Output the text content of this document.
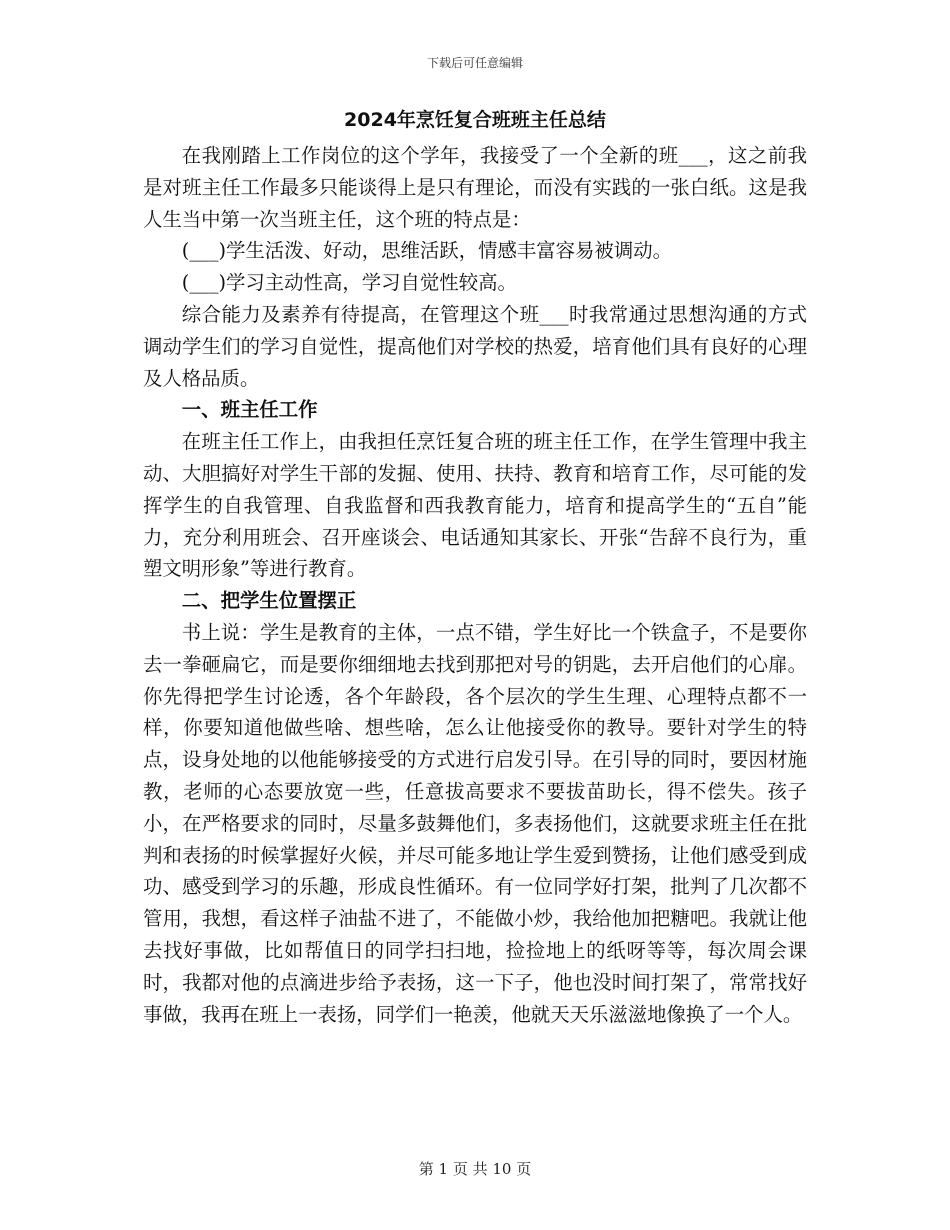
下载后可任意编辑
2024年烹饪复合班班主任总结

在我刚踏上工作岗位的这个学年，我接受了一个全新的班___，这之前我是对班主任工作最多只能谈得上是只有理论，而没有实践的一张白纸。这是我人生当中第一次当班主任，这个班的特点是：

(___)学生活泼、好动，思维活跃，情感丰富容易被调动。

(___)学习主动性高，学习自觉性较高。

综合能力及素养有待提高，在管理这个班___时我常通过思想沟通的方式调动学生们的学习自觉性，提高他们对学校的热爱，培育他们具有良好的心理及人格品质。

一、班主任工作

在班主任工作上，由我担任烹饪复合班的班主任工作，在学生管理中我主动、大胆搞好对学生干部的发掘、使用、扶持、教育和培育工作，尽可能的发挥学生的自我管理、自我监督和西我教育能力，培育和提高学生的“五自”能力，充分利用班会、召开座谈会、电话通知其家长、开张“告辞不良行为，重塑文明形象”等进行教育。

二、把学生位置摆正

书上说：学生是教育的主体，一点不错，学生好比一个铁盒子，不是要你去一拳砸扁它，而是要你细细地去找到那把对号的钥匙，去开启他们的心扉。你先得把学生讨论透，各个年龄段，各个层次的学生生理、心理特点都不一样，你要知道他做些啥、想些啥，怎么让他接受你的教导。要针对学生的特点，设身处地的以他能够接受的方式进行启发引导。在引导的同时，要因材施教，老师的心态要放宽一些，任意拔高要求不要拔苗助长，得不偿失。孩子小，在严格要求的同时，尽量多鼓舞他们，多表扬他们，这就要求班主任在批判和表扬的时候掌握好火候，并尽可能多地让学生爱到赞扬，让他们感受到成功、感受到学习的乐趣，形成良性循环。有一位同学好打架，批判了几次都不管用，我想，看这样子油盐不进了，不能做小炒，我给他加把糖吧。我就让他去找好事做，比如帮值日的同学扫扫地，捡捡地上的纸呀等等，每次周会课时，我都对他的点滴进步给予表扬，这一下子，他也没时间打架了，常常找好事做，我再在班上一表扬，同学们一艳羡，他就天天乐滋滋地像换了一个人。

第 1 页 共 10 页
